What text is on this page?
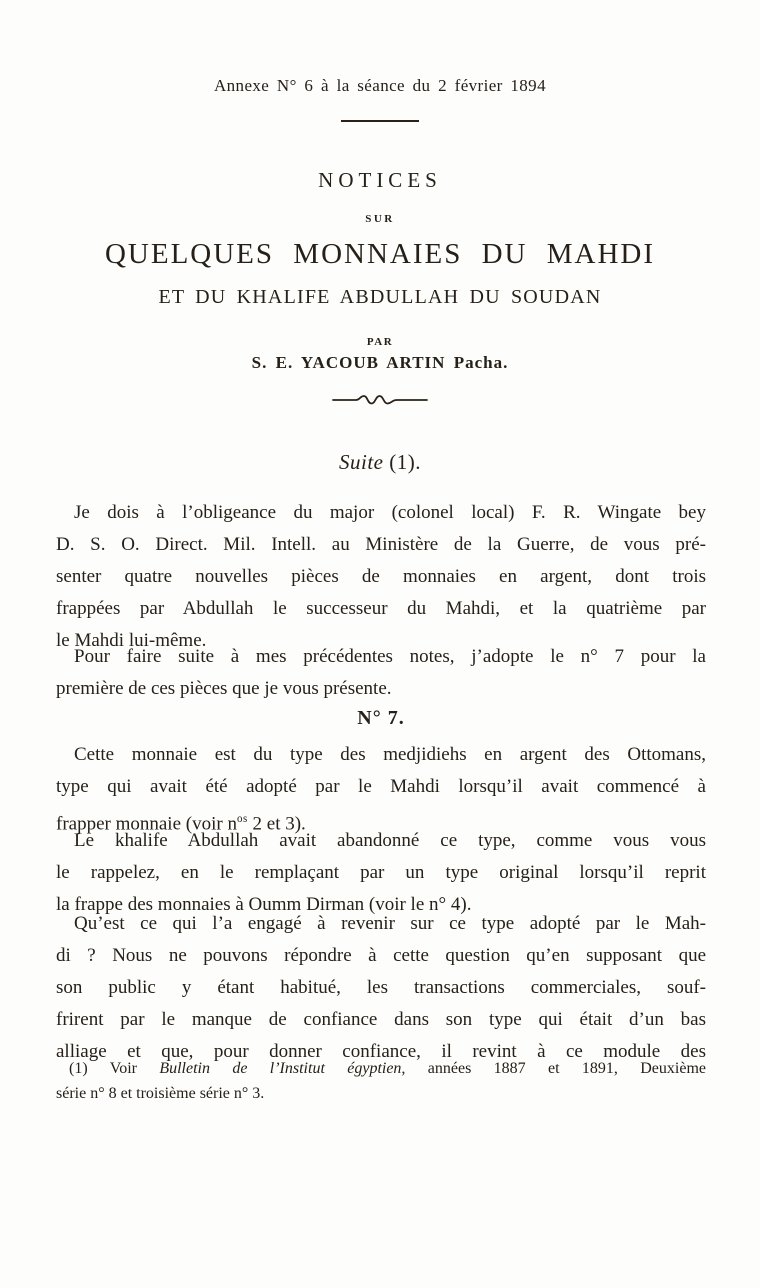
Annexe N° 6 à la séance du 2 février 1894
NOTICES
SUR
QUELQUES MONNAIES DU MAHDI
ET DU KHALIFE ABDULLAH DU SOUDAN
PAR
S. E. YACOUB ARTIN Pacha.
Suite (1).
Je dois à l’obligeance du major (colonel local) F. R. Wingate bey
D. S. O. Direct. Mil. Intell. au Ministère de la Guerre, de vous pré-
senter quatre nouvelles pièces de monnaies en argent, dont trois
frappées par Abdullah le successeur du Mahdi, et la quatrième par
le Mahdi lui-même.
Pour faire suite à mes précédentes notes, j’adopte le n° 7 pour la
première de ces pièces que je vous présente.
N° 7.
Cette monnaie est du type des medjidiehs en argent des Ottomans,
type qui avait été adopté par le Mahdi lorsqu’il avait commencé à
frapper monnaie (voir $n^{os}$ 2 et 3).
Le khalife Abdullah avait abandonné ce type, comme vous vous
le rappelez, en le remplaçant par un type original lorsqu’il reprit
la frappe des monnaies à Oumm Dirman (voir le n° 4).
Qu’est ce qui l’a engagé à revenir sur ce type adopté par le Mah-
di ? Nous ne pouvons répondre à cette question qu’en supposant que
son public y étant habitué, les transactions commerciales, souf-
frirent par le manque de confiance dans son type qui était d’un bas
alliage et que, pour donner confiance, il revint à ce module des
(1) Voir Bulletin de l’Institut égyptien, années 1887 et 1891, Deuxième
série n° 8 et troisième série n° 3.
